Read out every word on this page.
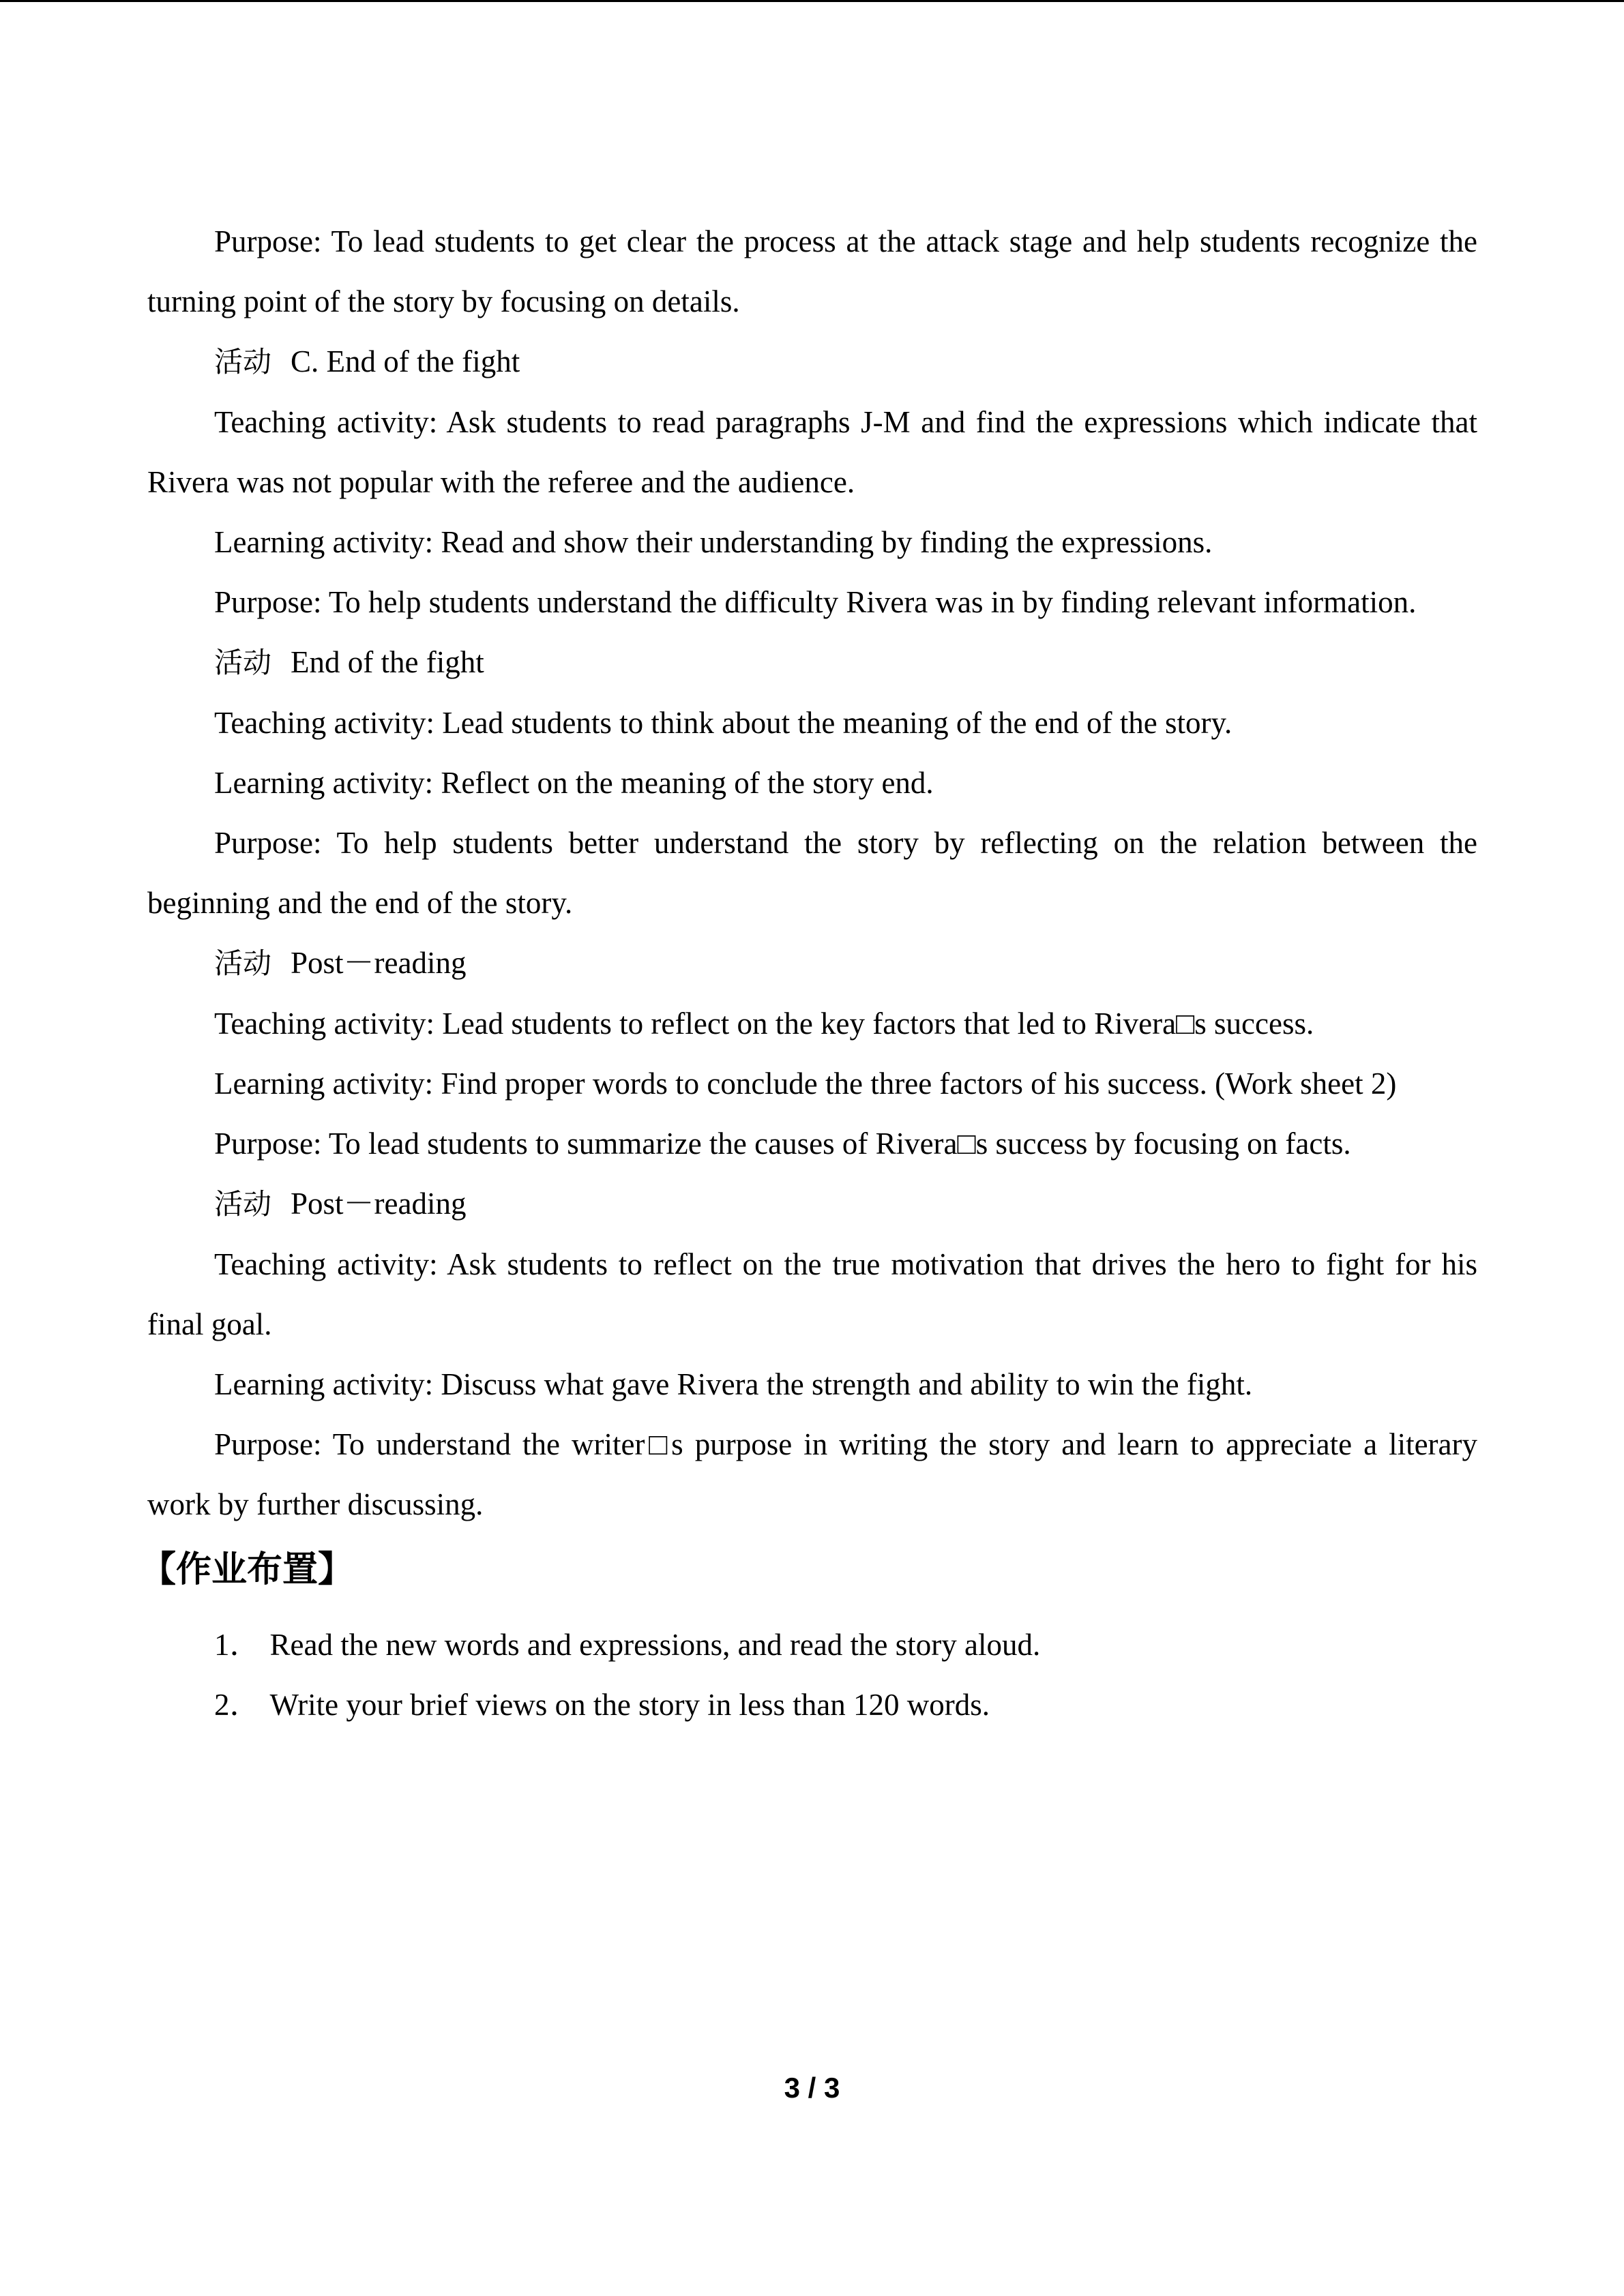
Purpose: To lead students to get clear the process at the attack stage and help students recognize the turning point of the story by focusing on details.

活动 C. End of the fight

Teaching activity: Ask students to read paragraphs J-M and find the expressions which indicate that Rivera was not popular with the referee and the audience.

Learning activity: Read and show their understanding by finding the expressions.

Purpose: To help students understand the difficulty Rivera was in by finding relevant information.

活动 End of the fight

Teaching activity: Lead students to think about the meaning of the end of the story.

Learning activity: Reflect on the meaning of the story end.

Purpose: To help students better understand the story by reflecting on the relation between the beginning and the end of the story.

活动 Post－reading

Teaching activity: Lead students to reflect on the key factors that led to Rivera□s success.

Learning activity: Find proper words to conclude the three factors of his success. (Work sheet 2)

Purpose: To lead students to summarize the causes of Rivera□s success by focusing on facts.

活动 Post－reading

Teaching activity: Ask students to reflect on the true motivation that drives the hero to fight for his final goal.

Learning activity: Discuss what gave Rivera the strength and ability to win the fight.

Purpose: To understand the writer□s purpose in writing the story and learn to appreciate a literary work by further discussing.

【作业布置】

1． Read the new words and expressions, and read the story aloud.

2． Write your brief views on the story in less than 120 words.

3 / 3
